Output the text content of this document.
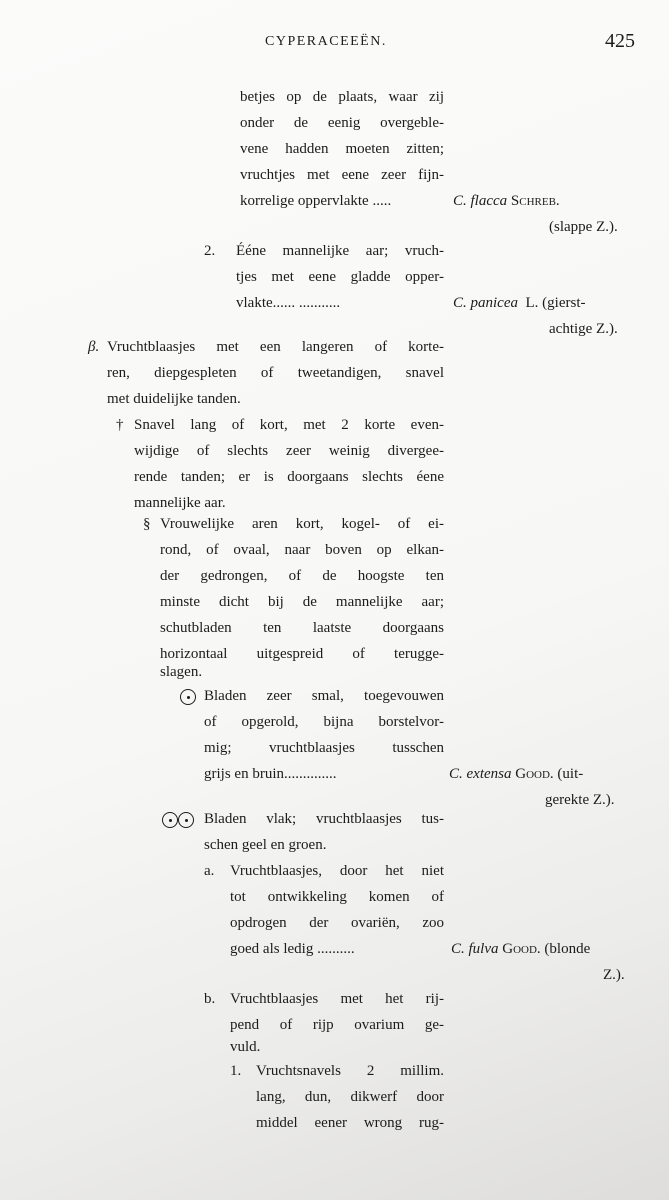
CYPERACEEËN.	425
betjes op de plaats, waar zij
onder de eenig overgeble-
vene hadden moeten zitten;
vruchtjes met eene zeer fijn-
korrelige oppervlakte .....	C. flacca Schreb.
(slappe Z.).
2. Ééne mannelijke aar; vruch-
tjes met eene gladde opper-
vlakte...... ...........	C. panicea L. (gierst-
achtige Z.).
β. Vruchtblaasjes met een langeren of korte-
ren, diepgespleten of tweetandigen, snavel
met duidelijke tanden.
† Snavel lang of kort, met 2 korte even-
wijdige of slechts zeer weinig divergee-
rende tanden; er is doorgaans slechts éene
mannelijke aar.
§ Vrouwelijke aren kort, kogel- of ei-
rond, of ovaal, naar boven op elkan-
der gedrongen, of de hoogste ten
minste dicht bij de mannelijke aar;
schutbladen ten laatste doorgaans
horizontaal uitgespreid of terugge-
slagen.
Bladen zeer smal, toegevouwen
of opgerold, bijna borstelvor-
mig; vruchtblaasjes tusschen
grijs en bruin..............	C. extensa Good. (uit-
gerekte Z.).
Bladen vlak; vruchtblaasjes tus-
schen geel en groen.
a. Vruchtblaasjes, door het niet
tot ontwikkeling komen of
opdrogen der ovariën, zoo
goed als ledig ..........	C. fulva Good. (blonde
Z.).
b. Vruchtblaasjes met het rij-
pend of rijp ovarium ge-
vuld.
1. Vruchtsnavels 2 millim.
lang, dun, dikwerf door
middel eener wrong rug-
